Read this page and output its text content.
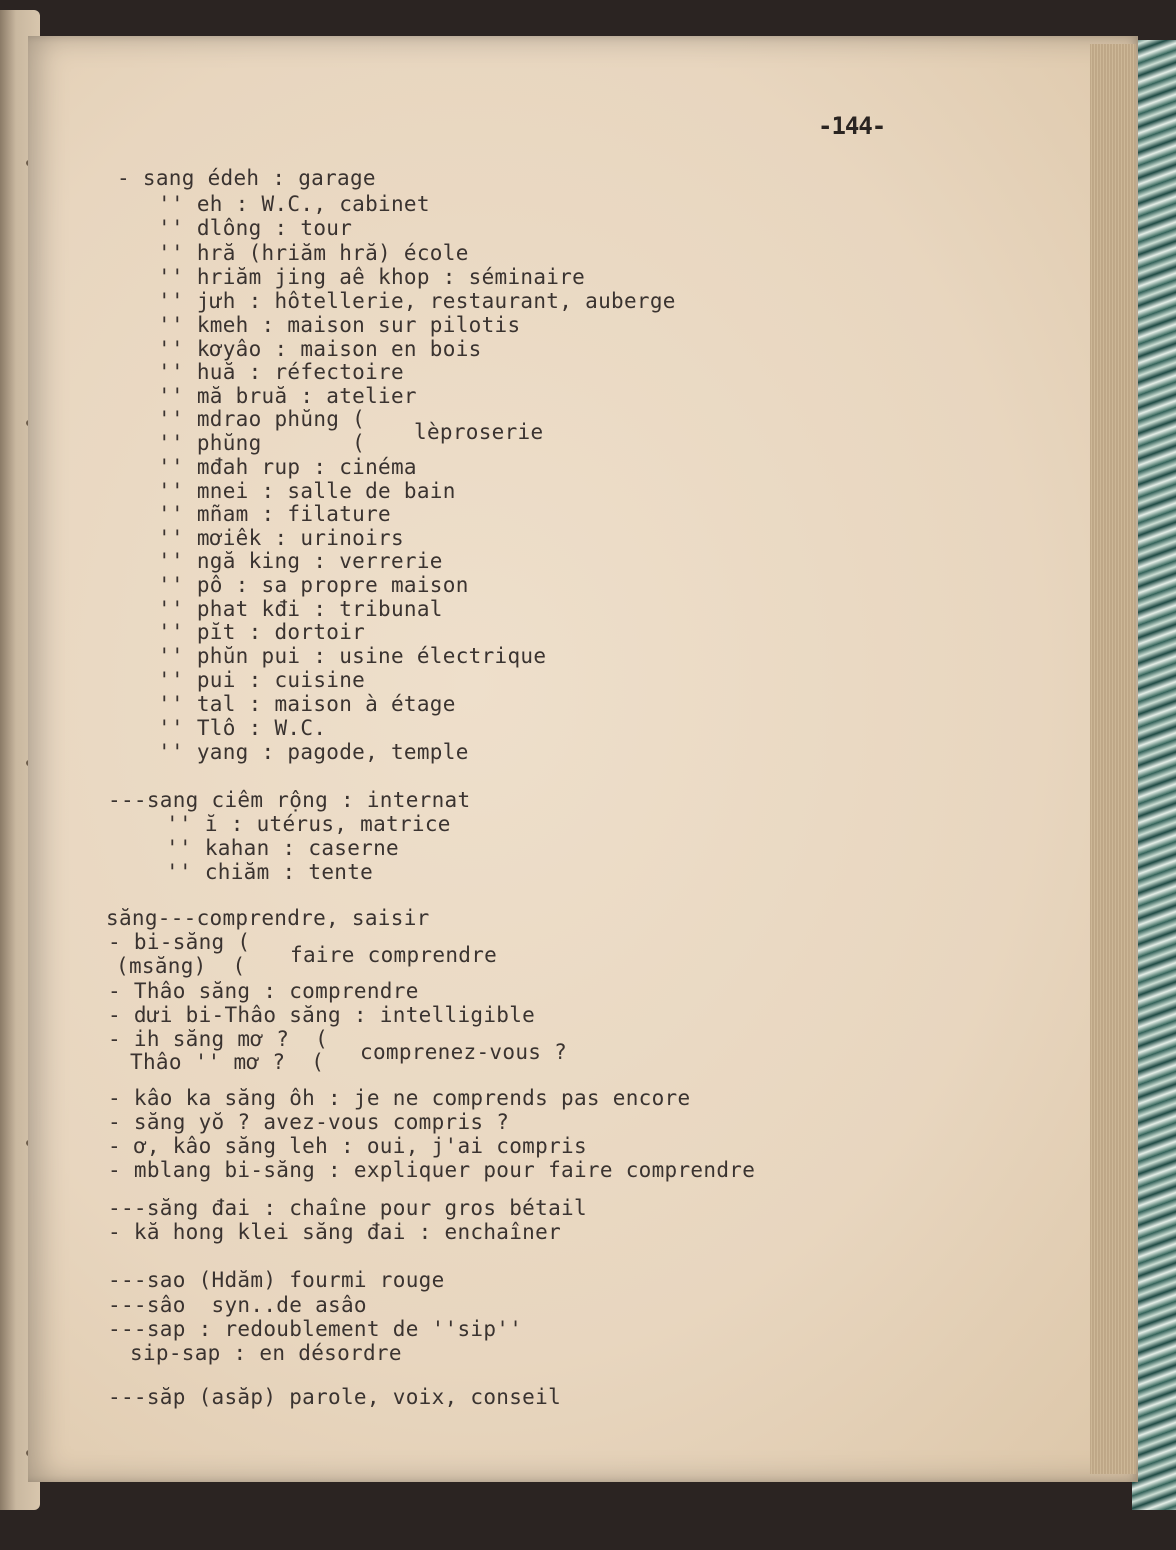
-144-
- sang édeh : garage
'' eh : W.C., cabinet
'' dlông : tour
'' hră (hriăm hră) école
'' hriăm jing aê khop : séminaire
'' jưh : hôtellerie, restaurant, auberge
'' kmeh : maison sur pilotis
'' kơyâo : maison en bois
'' huă : réfectoire
'' mă bruă : atelier
'' mdrao phŭng (
'' phŭng       ( lèproserie
'' mđah rup : cinéma
'' mnei : salle de bain
'' mñam : filature
'' mơiêk : urinoirs
'' ngă king : verrerie
'' pô : sa propre maison
'' phat kđi : tribunal
'' pĭt : dortoir
'' phŭn pui : usine électrique
'' pui : cuisine
'' tal : maison à étage
'' Tlô : W.C.
'' yang : pagode, temple
---sang ciêm rộng : internat
'' ĭ : utérus, matrice
'' kahan : caserne
'' chiăm : tente
săng---comprendre, saisir
- bi-săng (
(msăng)  ( faire comprendre
- Thâo săng : comprendre
- dưi bi-Thâo săng : intelligible
- ih săng mơ ?  (
Thâo '' mơ ?  ( comprenez-vous ?
- kâo ka săng ôh : je ne comprends pas encore
- săng yŏ ? avez-vous compris ?
- ơ, kâo săng leh : oui, j'ai compris
- mblang bi-săng : expliquer pour faire comprendre
---săng đai : chaîne pour gros bétail
- kă hong klei săng đai : enchaîner
---sao (Hdăm) fourmi rouge
---sâo  syn..de asâo
---sap : redoublement de ''sip''
sip-sap : en désordre
---săp (asăp) parole, voix, conseil
